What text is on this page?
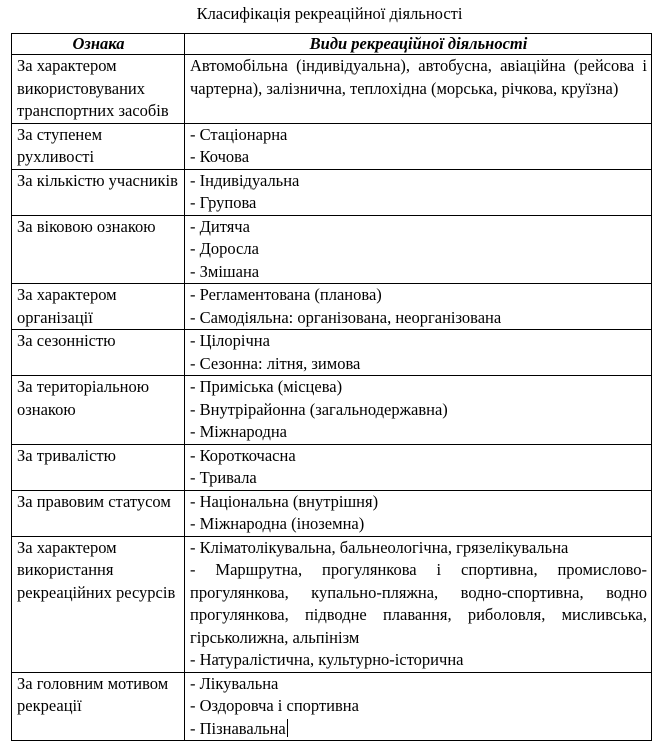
Класифікація рекреаційної діяльності
Ознака	Види рекреаційної діяльності
За характером використовуваних транспортних засобів	Автомобільна (індивідуальна), автобусна, авіаційна (рейсова і чартерна), залізнична, теплохідна (морська, річкова, круїзна)

За ступенем рухливості	- Стаціонарна
- Кочова

За кількістю учасників	- Індивідуальна
- Групова

За віковою ознакою	- Дитяча
- Доросла
- Змішана

За характером організації	- Регламентована (планова)
- Самодіяльна: організована, неорганізована

За сезонністю	- Цілорічна
- Сезонна: літня, зимова

За територіальною ознакою	- Приміська (місцева)
- Внутрірайонна (загальнодержавна)
- Міжнародна

За тривалістю	- Короткочасна
- Тривала

За правовим статусом	- Національна (внутрішня)
- Міжнародна (іноземна)

За характером використання рекреаційних ресурсів	- Кліматолікувальна, бальнеологічна, грязелікувальна
- Маршрутна, прогулянкова і спортивна, промислово-прогулянкова, купально-пляжна, водно-спортивна, водно прогулянкова, підводне плавання, риболовля, мисливська, гірськолижна, альпінізм
- Натуралістична, культурно-історична

За головним мотивом рекреації	- Лікувальна
- Оздоровча і спортивна
- Пізнавальна
